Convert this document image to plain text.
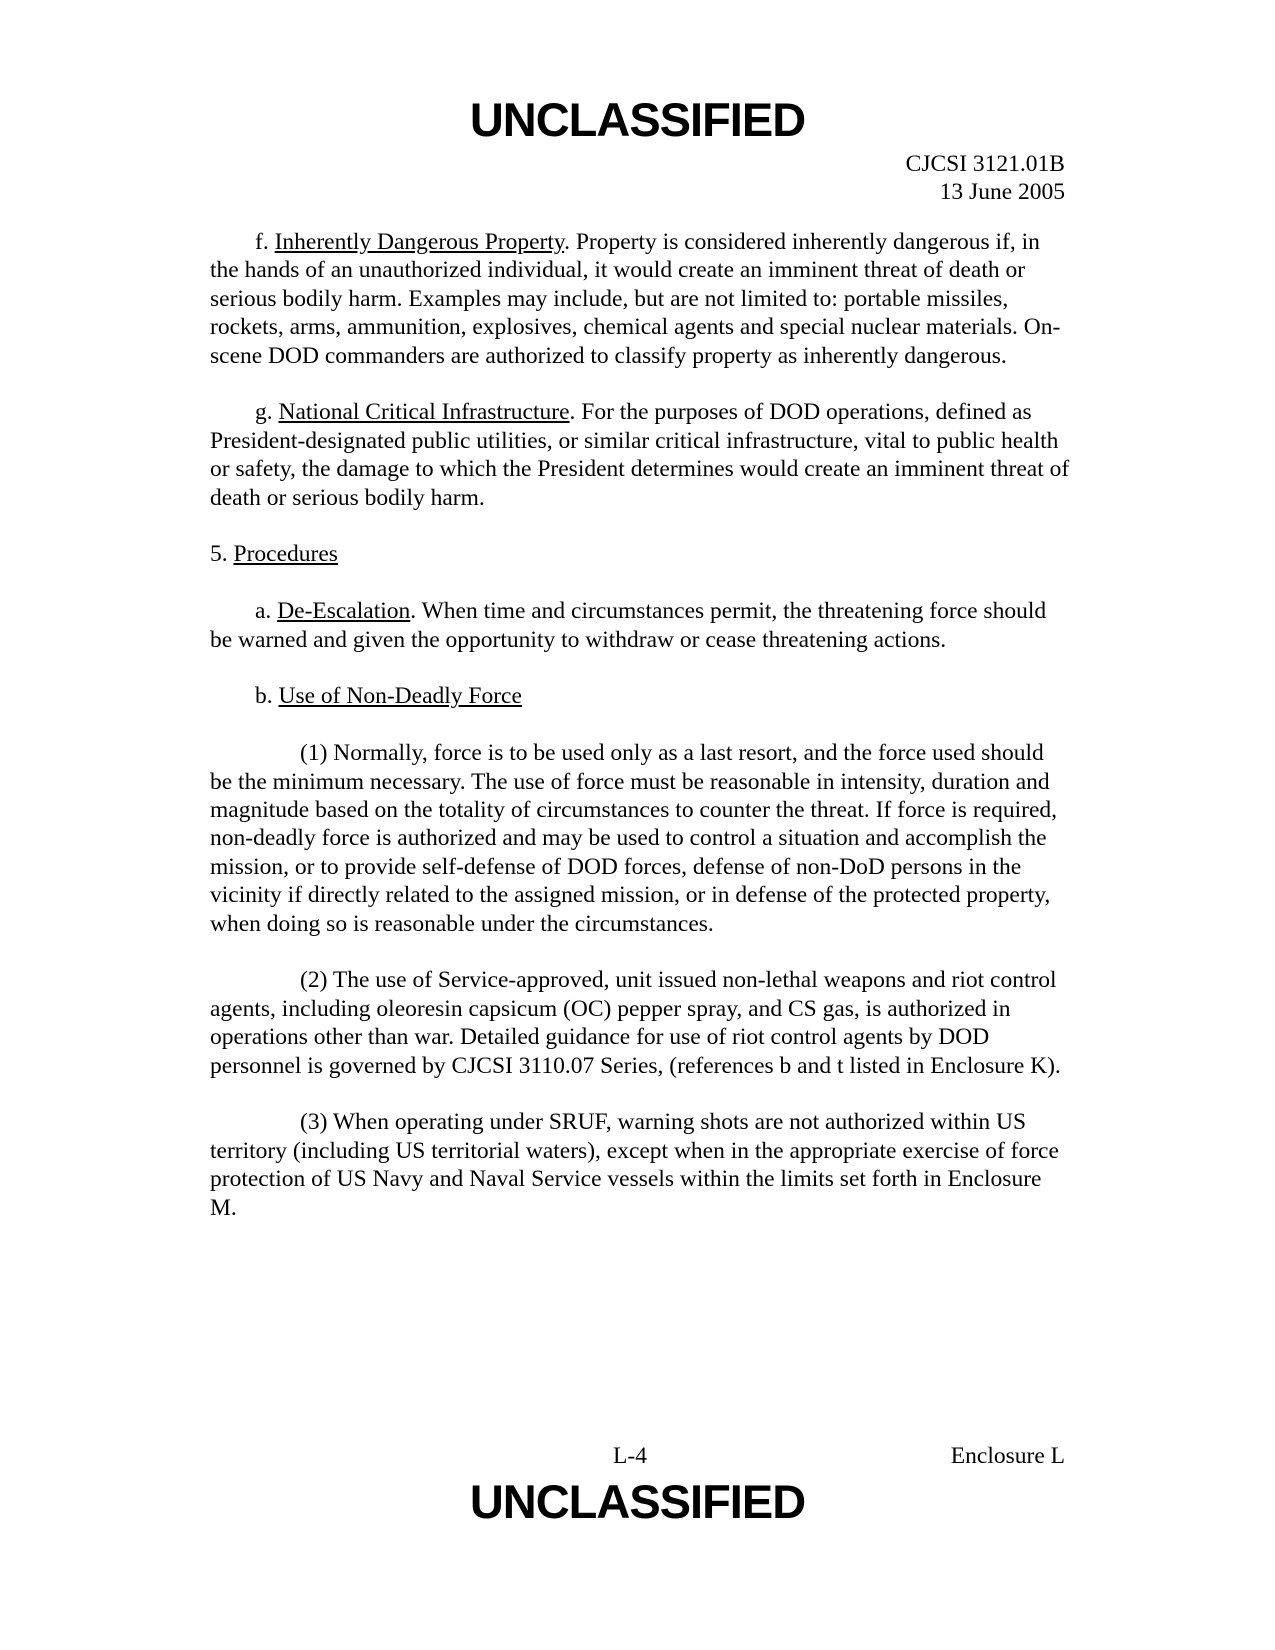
UNCLASSIFIED
CJCSI 3121.01B
13 June 2005

f. Inherently Dangerous Property. Property is considered inherently dangerous if, in the hands of an unauthorized individual, it would create an imminent threat of death or serious bodily harm. Examples may include, but are not limited to: portable missiles, rockets, arms, ammunition, explosives, chemical agents and special nuclear materials. On-scene DOD commanders are authorized to classify property as inherently dangerous.

g. National Critical Infrastructure. For the purposes of DOD operations, defined as President-designated public utilities, or similar critical infrastructure, vital to public health or safety, the damage to which the President determines would create an imminent threat of death or serious bodily harm.

5. Procedures

a. De-Escalation. When time and circumstances permit, the threatening force should be warned and given the opportunity to withdraw or cease threatening actions.

b. Use of Non-Deadly Force

(1) Normally, force is to be used only as a last resort, and the force used should be the minimum necessary. The use of force must be reasonable in intensity, duration and magnitude based on the totality of circumstances to counter the threat. If force is required, non-deadly force is authorized and may be used to control a situation and accomplish the mission, or to provide self-defense of DOD forces, defense of non-DoD persons in the vicinity if directly related to the assigned mission, or in defense of the protected property, when doing so is reasonable under the circumstances.

(2) The use of Service-approved, unit issued non-lethal weapons and riot control agents, including oleoresin capsicum (OC) pepper spray, and CS gas, is authorized in operations other than war. Detailed guidance for use of riot control agents by DOD personnel is governed by CJCSI 3110.07 Series, (references b and t listed in Enclosure K).

(3) When operating under SRUF, warning shots are not authorized within US territory (including US territorial waters), except when in the appropriate exercise of force protection of US Navy and Naval Service vessels within the limits set forth in Enclosure M.

L-4	Enclosure L
UNCLASSIFIED
